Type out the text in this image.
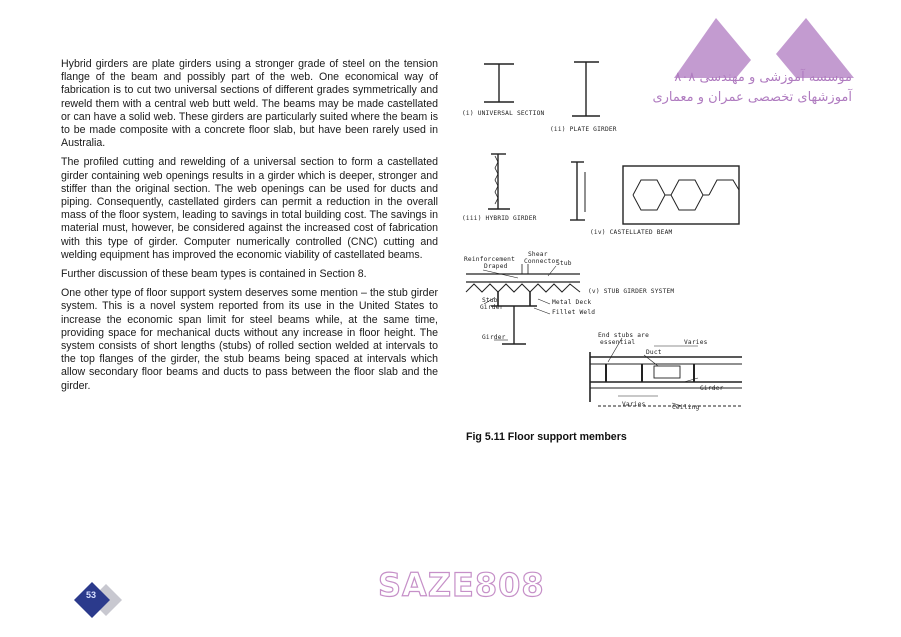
Hybrid girders are plate girders using a stronger grade of steel on the tension flange of the beam and possibly part of the web. One economical way of fabrication is to cut two universal sections of different grades symmetrically and reweld them with a central web butt weld. The beams may be made castellated or can have a solid web. These girders are particularly suited where the beam is to be made composite with a concrete floor slab, but have been rarely used in Australia.

The profiled cutting and rewelding of a universal section to form a castellated girder containing web openings results in a girder which is deeper, stronger and stiffer than the original section. The web openings can be used for ducts and piping. Consequently, castellated girders can permit a reduction in the overall mass of the floor system, leading to savings in total building cost. The savings in material must, however, be considered against the increased cost of fabrication with this type of girder. Computer numerically controlled (CNC) cutting and welding equipment has improved the economic viability of castellated beams.

Further discussion of these beam types is contained in Section 8.

One other type of floor support system deserves some mention – the stub girder system. This is a novel system reported from its use in the United States to increase the economic span limit for steel beams while, at the same time, providing space for mechanical ducts without any increase in floor height. The system consists of short lengths (stubs) of rolled section welded at intervals to the top flanges of the girder, the stub beams being spaced at intervals which allow secondary floor beams and ducts to pass between the floor slab and the girder.

(i) UNIVERSAL SECTION
(ii) PLATE GIRDER
(iii) HYBRID GIRDER
(iv) CASTELLATED BEAM
Reinforcement
Draped
Shear
Connector
Stub
(v) STUB GIRDER SYSTEM
Stub
Girder
Metal Deck
Fillet Weld
Girder	End stubs are
essential	Varies
Duct
Girder
Varies	Ceiling
Fig 5.11 Floor support members
موسسه آموزشی و مهندسی ۸۰۸
آموزشهای تخصصی عمران و معماری
53	SAZE808
